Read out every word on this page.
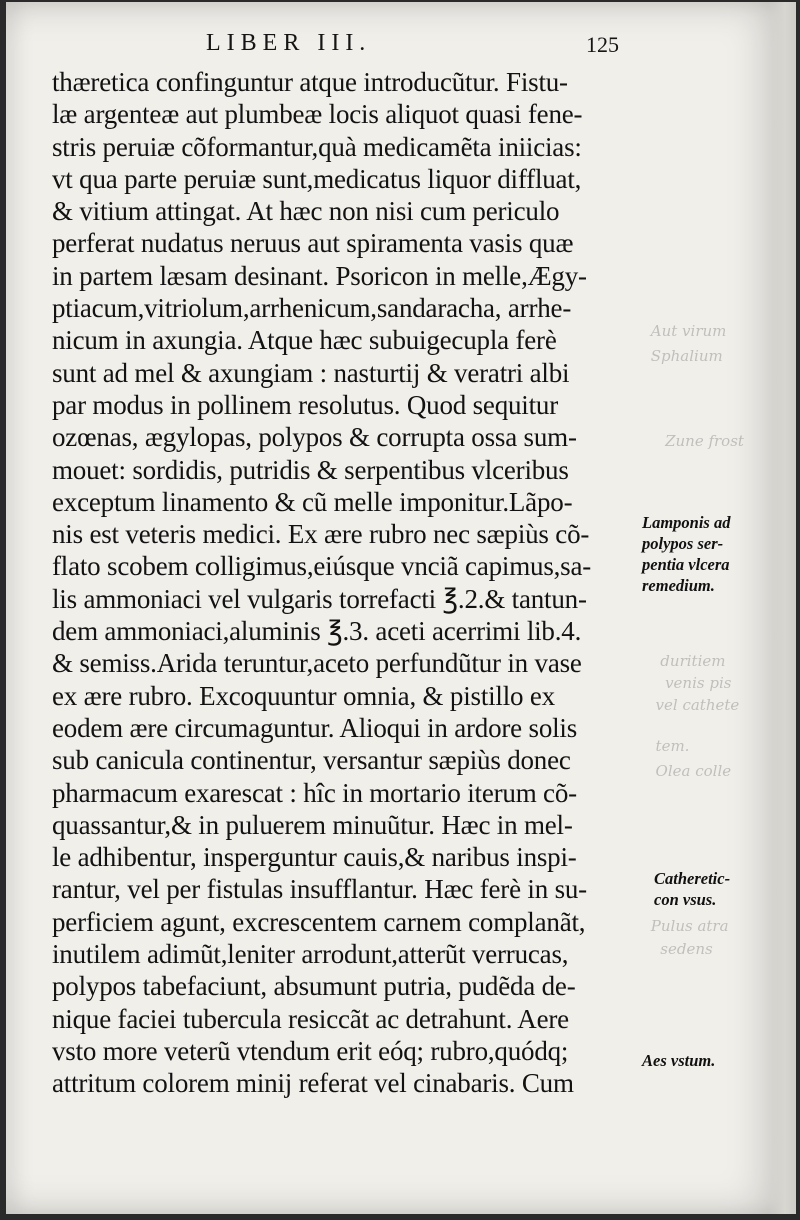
Aut virum
Sphalium
Zune frost
duritiem
venis pis
vel cathete
tem.
Olea colle
Pulus atra
sedens
LIBER III.	125
thæretica confinguntur atque introducũtur. Fistu-
læ argenteæ aut plumbeæ locis aliquot quasi fene-
stris peruiæ cõformantur,quà medicamẽta iniicias:
vt qua parte peruiæ sunt,medicatus liquor diffluat,
& vitium attingat. At hæc non nisi cum periculo
perferat nudatus neruus aut spiramenta vasis quæ
in partem læsam desinant. Psoricon in melle,Ægy-
ptiacum,vitriolum,arrhenicum,sandaracha, arrhe-
nicum in axungia. Atque hæc subuigecupla ferè
sunt ad mel & axungiam : nasturtij & veratri albi
par modus in pollinem resolutus. Quod sequitur
ozœnas, ægylopas, polypos & corrupta ossa sum-
mouet: sordidis, putridis & serpentibus vlceribus
exceptum linamento & cũ melle imponitur.Lãpo-
nis est veteris medici. Ex ære rubro nec sæpiùs cõ-
flato scobem colligimus,eiúsque vnciã capimus,sa-
lis ammoniaci vel vulgaris torrefacti ℥.2.& tantun-
dem ammoniaci,aluminis ℥.3. aceti acerrimi lib.4.
& semiss.Arida teruntur,aceto perfundũtur in vase
ex ære rubro. Excoquuntur omnia, & pistillo ex
eodem ære circumaguntur. Alioqui in ardore solis
sub canicula continentur, versantur sæpiùs donec
pharmacum exarescat : hîc in mortario iterum cõ-
quassantur,& in puluerem minuũtur. Hæc in mel-
le adhibentur, insperguntur cauis,& naribus inspi-
rantur, vel per fistulas insufflantur. Hæc ferè in su-
perficiem agunt, excrescentem carnem complanãt,
inutilem adimũt,leniter arrodunt,atterũt verrucas,
polypos tabefaciunt, absumunt putria, pudẽda de-
nique faciei tubercula resiccãt ac detrahunt. Aere
vsto more veterũ vtendum erit eóq; rubro,quódq;
attritum colorem minij referat vel cinabaris. Cum
Lamponis ad
polypos ser-
pentia vlcera
remedium.
Catheretic-
con vsus.
Aes vstum.
